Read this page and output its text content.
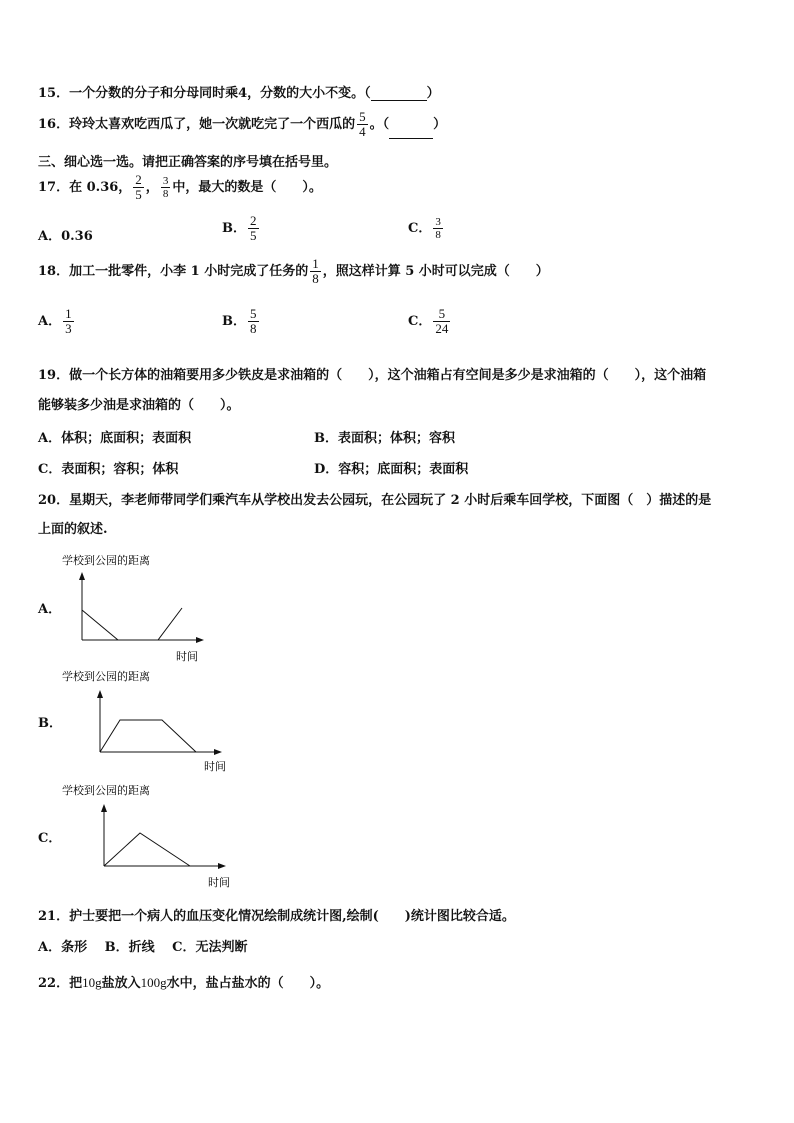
15．一个分数的分子和分母同时乘4，分数的大小不变。（	）
16．玲玲太喜欢吃西瓜了，她一次就吃完了一个西瓜的 $\frac{5}{4}$ 。（	）
三、细心选一选。请把正确答案的序号填在括号里。
17．在 0.36， $\frac{2}{5}$ ， $\frac{3}{8}$ 中，最大的数是（　　）。
A．0.36
B． $\frac{2}{5}$	C． $\frac{3}{8}$
18．加工一批零件，小李 1 小时完成了任务的 $\frac{1}{8}$ ，照这样计算 5 小时可以完成（　　）
A． $\frac{1}{3}$	B． $\frac{5}{8}$	C． $\frac{5}{24}$
19．做一个长方体的油箱要用多少铁皮是求油箱的（　　），这个油箱占有空间是多少是求油箱的（　　），这个油箱
能够装多少油是求油箱的（　　）。
A．体积；底面积；表面积	B．表面积；体积；容积
C．表面积；容积；体积	D．容积；底面积；表面积
20．星期天，李老师带同学们乘汽车从学校出发去公园玩，在公园玩了 2 小时后乘车回学校，下面图（　）描述的是
上面的叙述.
A．
学校到公园的距离
时间
B．
学校到公园的距离
时间
C．
学校到公园的距离
时间
21．护士要把一个病人的血压变化情况绘制成统计图,绘制(　　)统计图比较合适。
A．条形　 B．折线　 C．无法判断
22．把10g盐放入100g水中，盐占盐水的（　　）。
